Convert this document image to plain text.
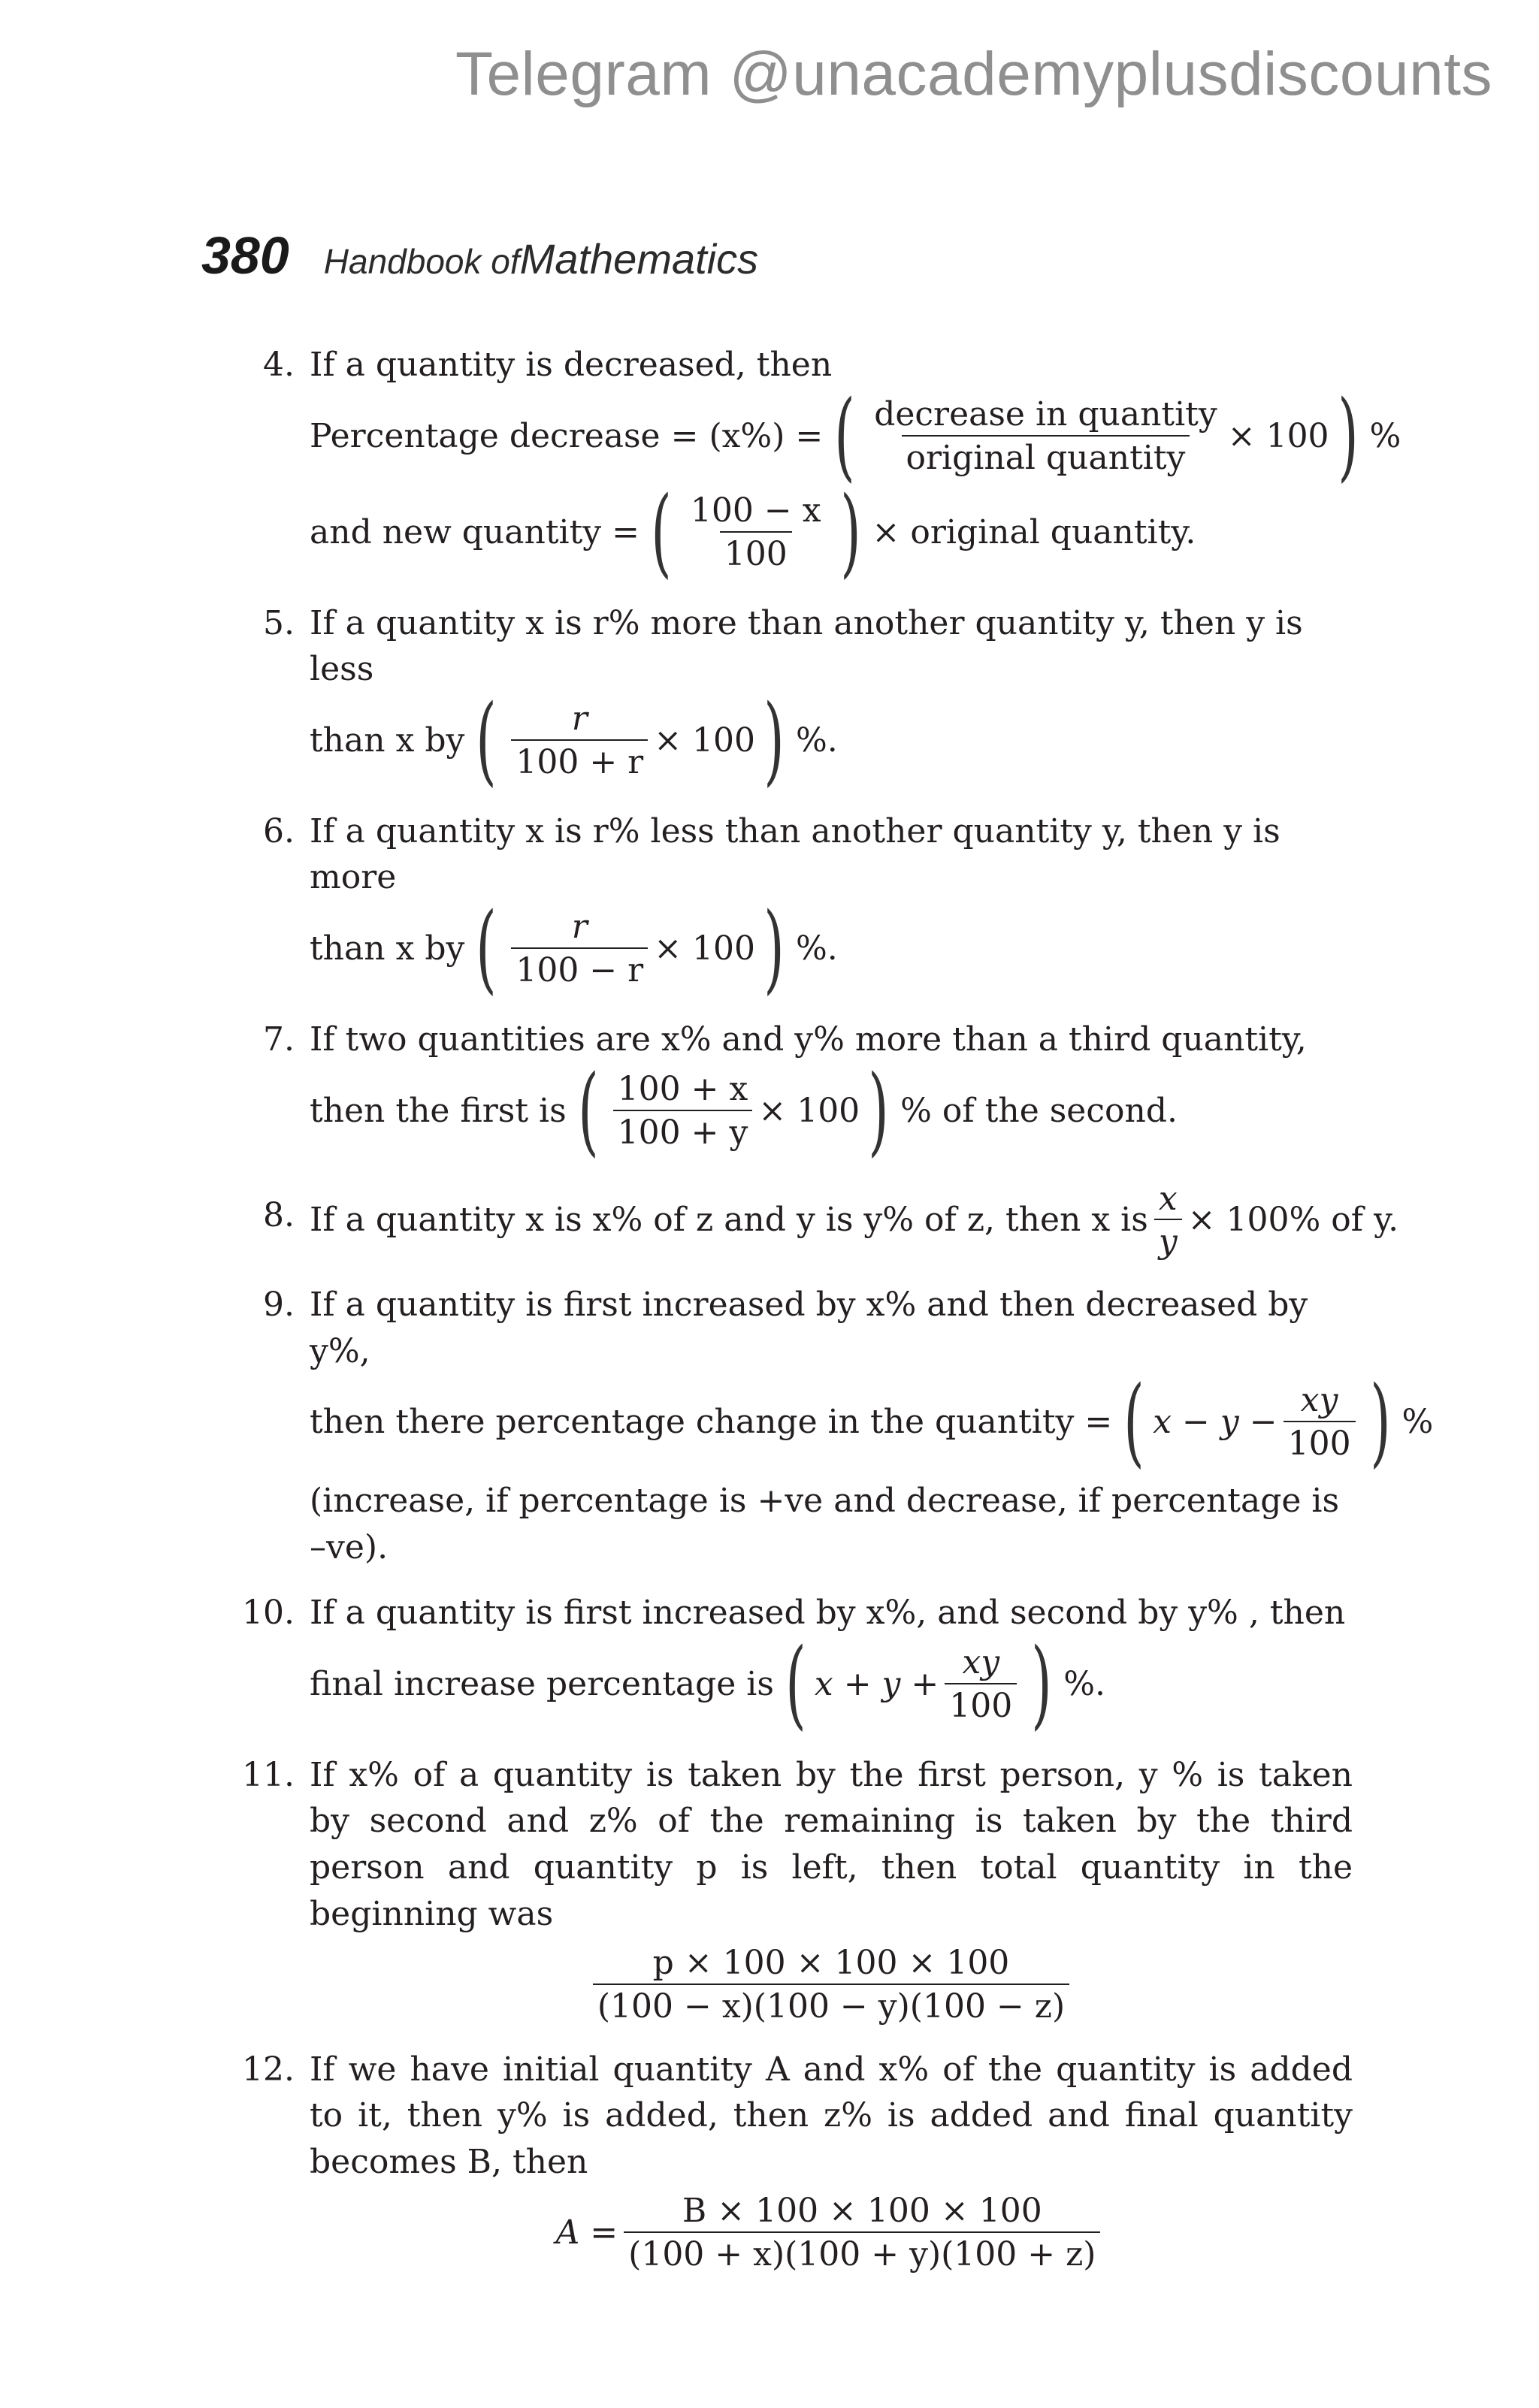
Telegram @unacademyplusdiscounts
380 Handbook ofMathematics
4. If a quantity is decreased, then
Percentage decrease = (x%) = ( $\frac{\text{decrease in quantity}}{\text{original quantity}} \times 100$ ) %
and new quantity = ( $\frac{100 - x}{100}$ ) × original quantity.
5. If a quantity x is r% more than another quantity y, then y is less
than x by ( $\frac{r}{100 + r} \times 100$ ) %.
6. If a quantity x is r% less than another quantity y, then y is more
than x by ( $\frac{r}{100 - r} \times 100$ ) %.
7. If two quantities are x% and y% more than a third quantity,
then the first is ( $\frac{100 + x}{100 + y} \times 100$ ) % of the second.
8. If a quantity x is x% of z and y is y% of z, then x is $\frac{x}{y} \times 100\%$ of y.
9. If a quantity is first increased by x% and then decreased by y%,
then there percentage change in the quantity = ( $x - y - \frac{xy}{100}$ ) %
(increase, if percentage is +ve and decrease, if percentage is –ve).
10. If a quantity is first increased by x%, and second by y% , then
final increase percentage is ( $x + y + \frac{xy}{100}$ ) %.
11. If x% of a quantity is taken by the first person, y % is taken by second and z% of the remaining is taken by the third person and quantity p is left, then total quantity in the beginning was
$\frac{p \times 100 \times 100 \times 100}{(100 - x)(100 - y)(100 - z)}$
12. If we have initial quantity A and x% of the quantity is added to it, then y% is added, then z% is added and final quantity becomes B, then
$A = \frac{B \times 100 \times 100 \times 100}{(100 + x)(100 + y)(100 + z)}$
